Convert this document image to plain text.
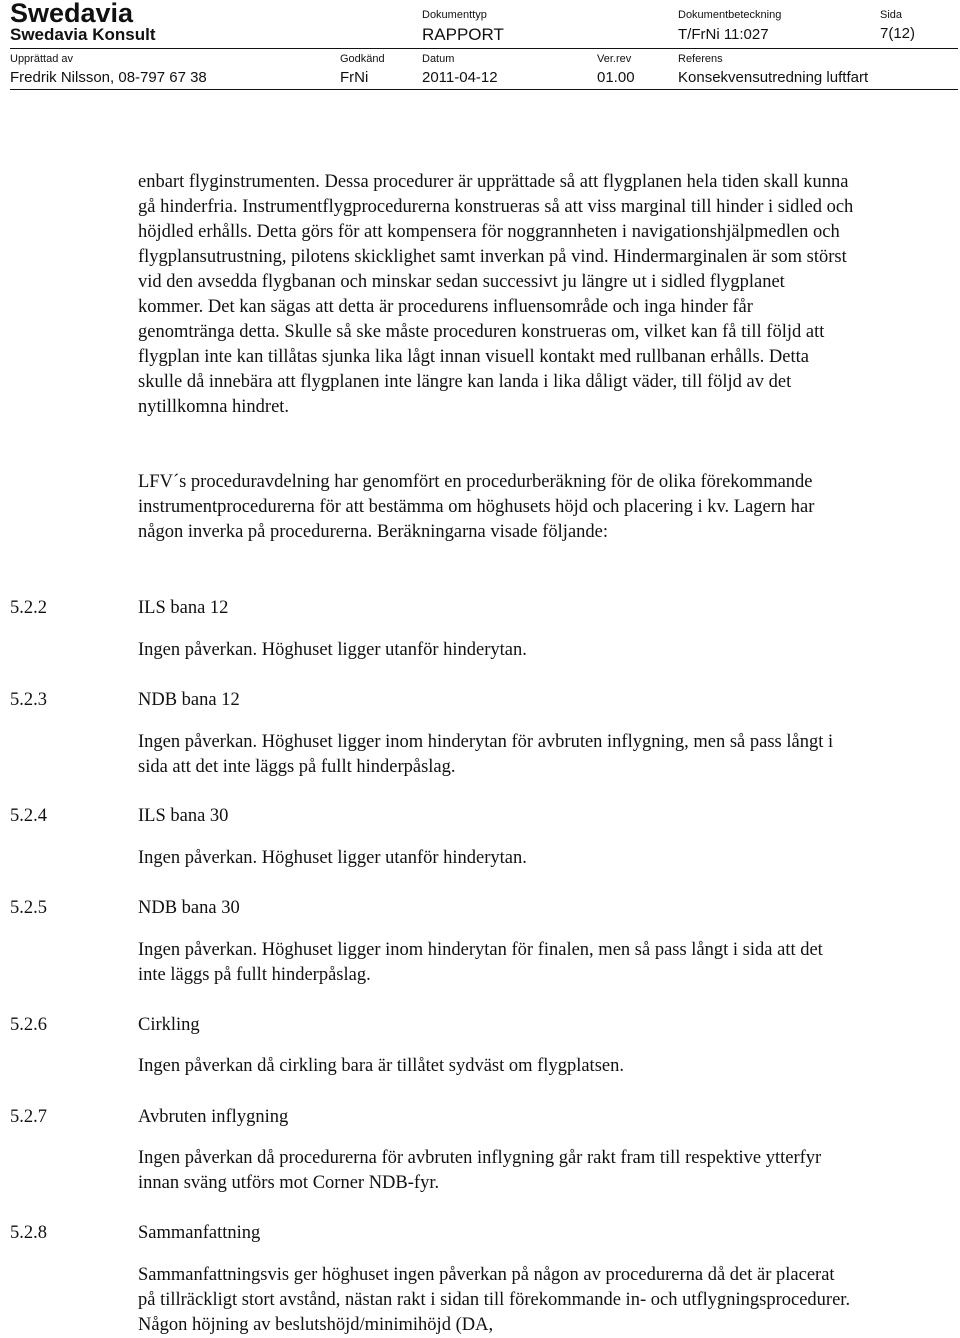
Swedavia
Swedavia Konsult
Dokumenttyp
RAPPORT
Dokumentbeteckning
T/FrNi 11:027
Sida
7(12)
Upprättad av
Fredrik Nilsson, 08-797 67 38
Godkänd
FrNi
Datum
2011-04-12
Ver.rev
01.00
Referens
Konsekvensutredning luftfart

enbart flyginstrumenten. Dessa procedurer är upprättade så att flygplanen hela tiden skall kunna gå hinderfria. Instrumentflygprocedurerna konstrueras så att viss marginal till hinder i sidled och höjdled erhålls. Detta görs för att kompensera för noggrannheten i navigationshjälpmedlen och flygplansutrustning, pilotens skicklighet samt inverkan på vind. Hindermarginalen är som störst vid den avsedda flygbanan och minskar sedan successivt ju längre ut i sidled flygplanet kommer. Det kan sägas att detta är procedurens influensområde och inga hinder får genomtränga detta. Skulle så ske måste proceduren konstrueras om, vilket kan få till följd att flygplan inte kan tillåtas sjunka lika lågt innan visuell kontakt med rullbanan erhålls. Detta skulle då innebära att flygplanen inte längre kan landa i lika dåligt väder, till följd av det nytillkomna hindret.

LFV´s proceduravdelning har genomfört en procedurberäkning för de olika förekommande instrumentprocedurerna för att bestämma om höghusets höjd och placering i kv. Lagern har någon inverka på procedurerna. Beräkningarna visade följande:

5.2.2	ILS bana 12

Ingen påverkan. Höghuset ligger utanför hinderytan.

5.2.3	NDB bana 12

Ingen påverkan. Höghuset ligger inom hinderytan för avbruten inflygning, men så pass långt i sida att det inte läggs på fullt hinderpåslag.

5.2.4	ILS bana 30

Ingen påverkan. Höghuset ligger utanför hinderytan.

5.2.5	NDB bana 30

Ingen påverkan. Höghuset ligger inom hinderytan för finalen, men så pass långt i sida att det inte läggs på fullt hinderpåslag.

5.2.6	Cirkling

Ingen påverkan då cirkling bara är tillåtet sydväst om flygplatsen.

5.2.7	Avbruten inflygning

Ingen påverkan då procedurerna för avbruten inflygning går rakt fram till respektive ytterfyr innan sväng utförs mot Corner NDB-fyr.

5.2.8	Sammanfattning

Sammanfattningsvis ger höghuset ingen påverkan på någon av procedurerna då det är placerat på tillräckligt stort avstånd, nästan rakt i sidan till förekommande in- och utflygningsprocedurer. Någon höjning av beslutshöjd/minimihöjd (DA,
